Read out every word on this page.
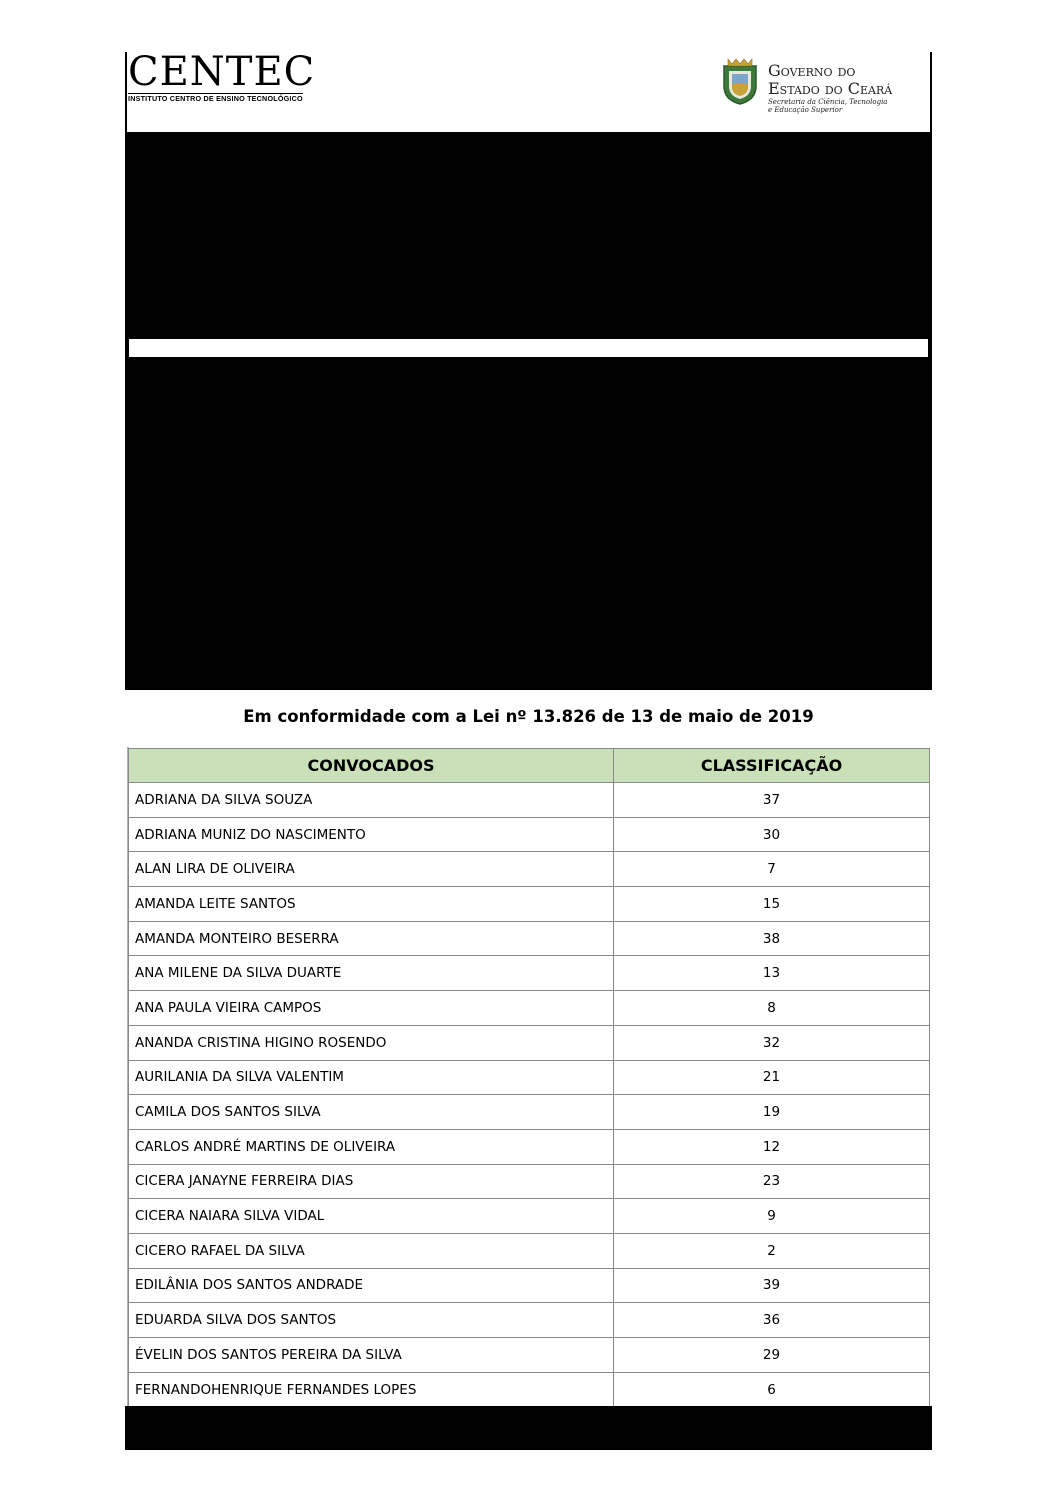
CENTEC
INSTITUTO CENTRO DE ENSINO TECNOLÓGICO
Governo do
Estado do Ceará
Secretaria da Ciência, Tecnologia
e Educação Superior
Em conformidade com a Lei nº 13.826 de 13 de maio de 2019
CONVOCADOS	CLASSIFICAÇÃO
ADRIANA DA SILVA SOUZA	37
ADRIANA MUNIZ DO NASCIMENTO	30
ALAN LIRA DE OLIVEIRA	7
AMANDA LEITE SANTOS	15
AMANDA MONTEIRO BESERRA	38
ANA MILENE DA SILVA DUARTE	13
ANA PAULA VIEIRA CAMPOS	8
ANANDA CRISTINA HIGINO ROSENDO	32
AURILANIA DA SILVA VALENTIM	21
CAMILA DOS SANTOS SILVA	19
CARLOS ANDRÉ MARTINS DE OLIVEIRA	12
CICERA JANAYNE FERREIRA DIAS	23
CICERA NAIARA SILVA VIDAL	9
CICERO RAFAEL DA SILVA	2
EDILÂNIA DOS SANTOS ANDRADE	39
EDUARDA SILVA DOS SANTOS	36
ÉVELIN DOS SANTOS PEREIRA DA SILVA	29
FERNANDOHENRIQUE FERNANDES LOPES	6
